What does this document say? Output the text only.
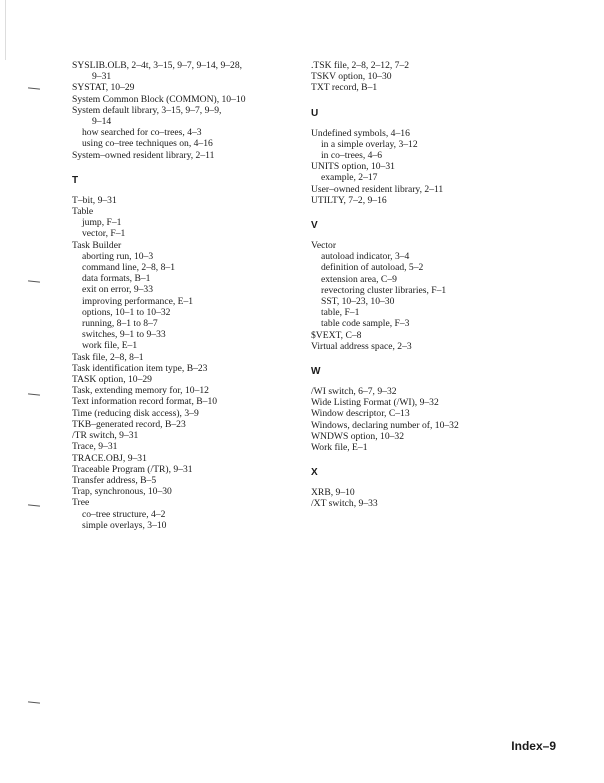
SYSLIB.OLB, 2–4t, 3–15, 9–7, 9–14, 9–28,
9–31
SYSTAT, 10–29
System Common Block (COMMON), 10–10
System default library, 3–15, 9–7, 9–9,
9–14
how searched for co–trees, 4–3
using co–tree techniques on, 4–16
System–owned resident library, 2–11
T
T–bit, 9–31
Table
jump, F–1
vector, F–1
Task Builder
aborting run, 10–3
command line, 2–8, 8–1
data formats, B–1
exit on error, 9–33
improving performance, E–1
options, 10–1 to 10–32
running, 8–1 to 8–7
switches, 9–1 to 9–33
work file, E–1
Task file, 2–8, 8–1
Task identification item type, B–23
TASK option, 10–29
Task, extending memory for, 10–12
Text information record format, B–10
Time (reducing disk access), 3–9
TKB–generated record, B–23
/TR switch, 9–31
Trace, 9–31
TRACE.OBJ, 9–31
Traceable Program (/TR), 9–31
Transfer address, B–5
Trap, synchronous, 10–30
Tree
co–tree structure, 4–2
simple overlays, 3–10
.TSK file, 2–8, 2–12, 7–2
TSKV option, 10–30
TXT record, B–1
U
Undefined symbols, 4–16
in a simple overlay, 3–12
in co–trees, 4–6
UNITS option, 10–31
example, 2–17
User–owned resident library, 2–11
UTILTY, 7–2, 9–16
V
Vector
autoload indicator, 3–4
definition of autoload, 5–2
extension area, C–9
revectoring cluster libraries, F–1
SST, 10–23, 10–30
table, F–1
table code sample, F–3
$VEXT, C–8
Virtual address space, 2–3
W
/WI switch, 6–7, 9–32
Wide Listing Format (/WI), 9–32
Window descriptor, C–13
Windows, declaring number of, 10–32
WNDWS option, 10–32
Work file, E–1
X
XRB, 9–10
/XT switch, 9–33
Index–9
